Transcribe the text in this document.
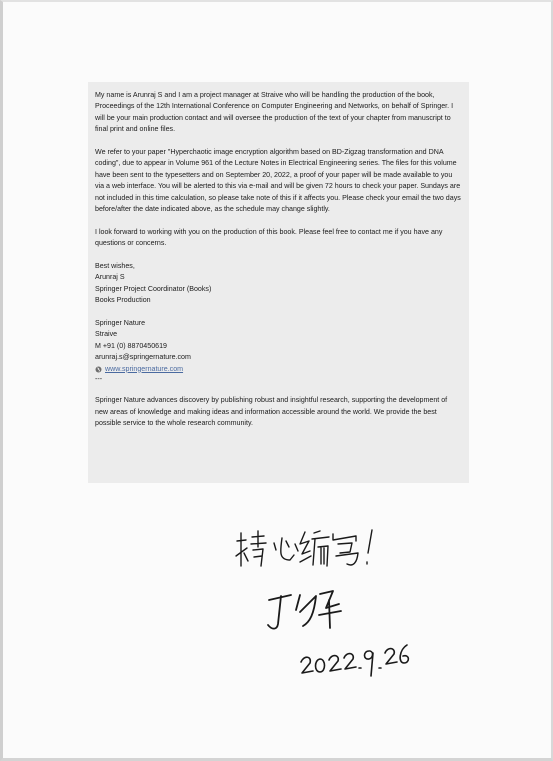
My name is Arunraj S and I am a project manager at Straive who will be handling the production of the book, Proceedings of the 12th International Conference on Computer Engineering and Networks, on behalf of Springer. I will be your main production contact and will oversee the production of the text of your chapter from manuscript to final print and online files.

We refer to your paper "Hyperchaotic image encryption algorithm based on BD-Zigzag transformation and DNA coding", due to appear in Volume 961 of the Lecture Notes in Electrical Engineering series. The files for this volume have been sent to the typesetters and on September 20, 2022, a proof of your paper will be made available to you via a web interface. You will be alerted to this via e-mail and will be given 72 hours to check your paper. Sundays are not included in this time calculation, so please take note of this if it affects you. Please check your email the two days before/after the date indicated above, as the schedule may change slightly.

I look forward to working with you on the production of this book. Please feel free to contact me if you have any questions or concerns.

Best wishes,
Arunraj S
Springer Project Coordinator (Books)
Books Production
Springer Nature
Straive
M +91 (0) 8870450619
arunraj.s@springernature.com
www.springernature.com
---

Springer Nature advances discovery by publishing robust and insightful research, supporting the development of new areas of knowledge and making ideas and information accessible around the world. We provide the best possible service to the whole research community.
